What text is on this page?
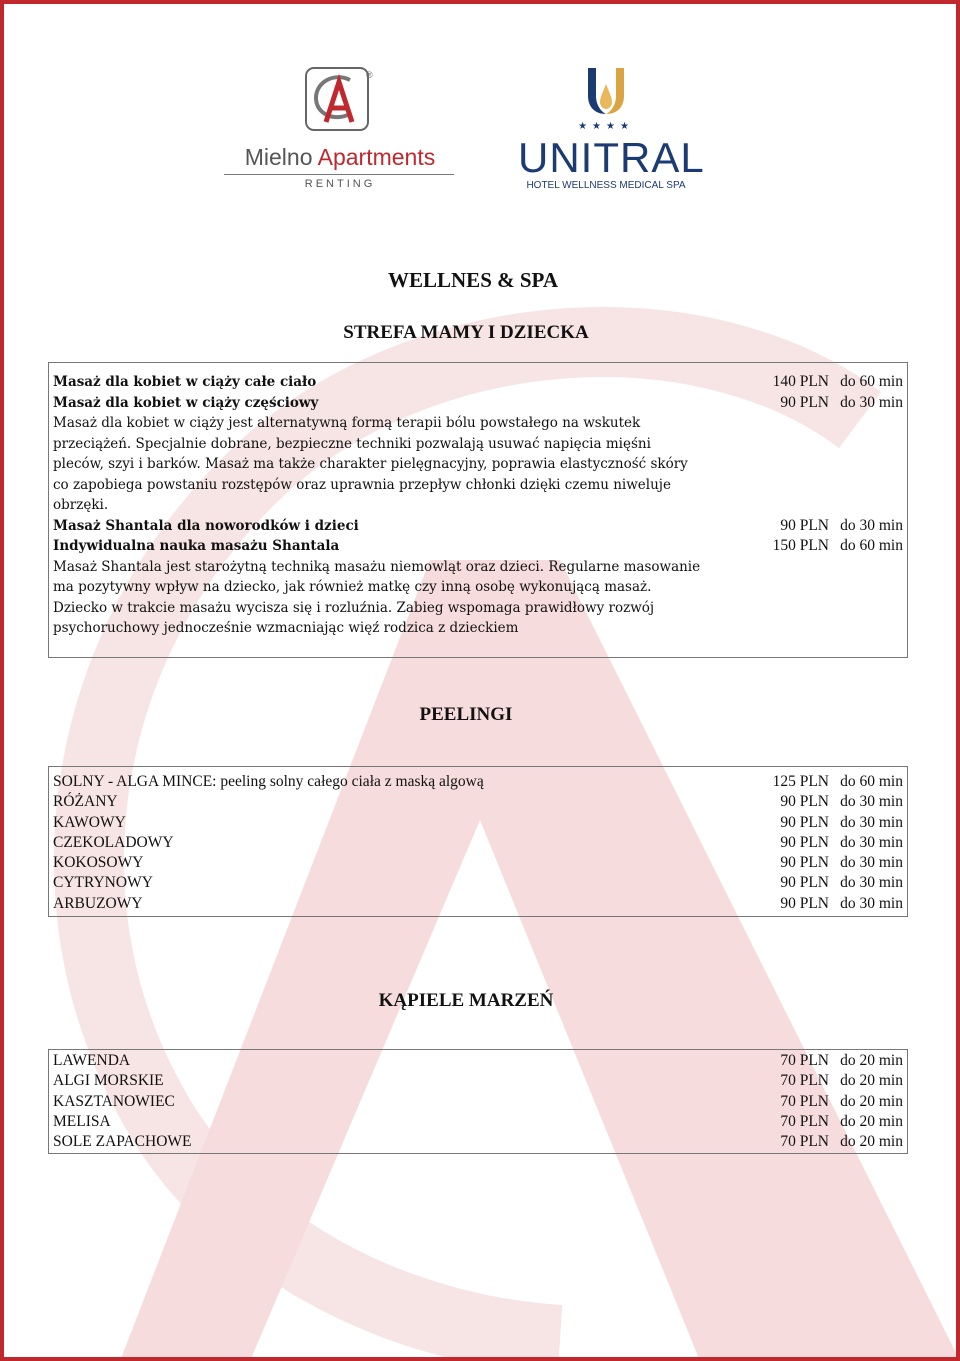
®
Mielno Apartments
RENTING
★★★★
UNITRAL
HOTEL WELLNESS MEDICAL SPA
WELLNES & SPA
STREFA MAMY I DZIECKA
Masaż dla kobiet w ciąży całe ciało	140 PLN do 60 min
Masaż dla kobiet w ciąży częściowy	90 PLN do 30 min
Masaż dla kobiet w ciąży jest alternatywną formą terapii bólu powstałego na wskutek przeciążeń. Specjalnie dobrane, bezpieczne techniki pozwalają usuwać napięcia mięśni pleców, szyi i barków. Masaż ma także charakter pielęgnacyjny, poprawia elastyczność skóry co zapobiega powstaniu rozstępów oraz uprawnia przepływ chłonki dzięki czemu niweluje obrzęki.
Masaż Shantala dla noworodków i dzieci	90 PLN do 30 min
Indywidualna nauka masażu Shantala	150 PLN do 60 min
Masaż Shantala jest starożytną techniką masażu niemowląt oraz dzieci. Regularne masowanie ma pozytywny wpływ na dziecko, jak również matkę czy inną osobę wykonującą masaż. Dziecko w trakcie masażu wycisza się i rozluźnia. Zabieg wspomaga prawidłowy rozwój psychoruchowy jednocześnie wzmacniając więź rodzica z dzieckiem
PEELINGI
SOLNY - ALGA MINCE: peeling solny całego ciała z maską algową	125 PLN do 60 min
RÓŻANY	90 PLN do 30 min
KAWOWY	90 PLN do 30 min
CZEKOLADOWY	90 PLN do 30 min
KOKOSOWY	90 PLN do 30 min
CYTRYNOWY	90 PLN do 30 min
ARBUZOWY	90 PLN do 30 min
KĄPIELE MARZEŃ
LAWENDA	70 PLN do 20 min
ALGI MORSKIE	70 PLN do 20 min
KASZTANOWIEC	70 PLN do 20 min
MELISA	70 PLN do 20 min
SOLE ZAPACHOWE	70 PLN do 20 min
